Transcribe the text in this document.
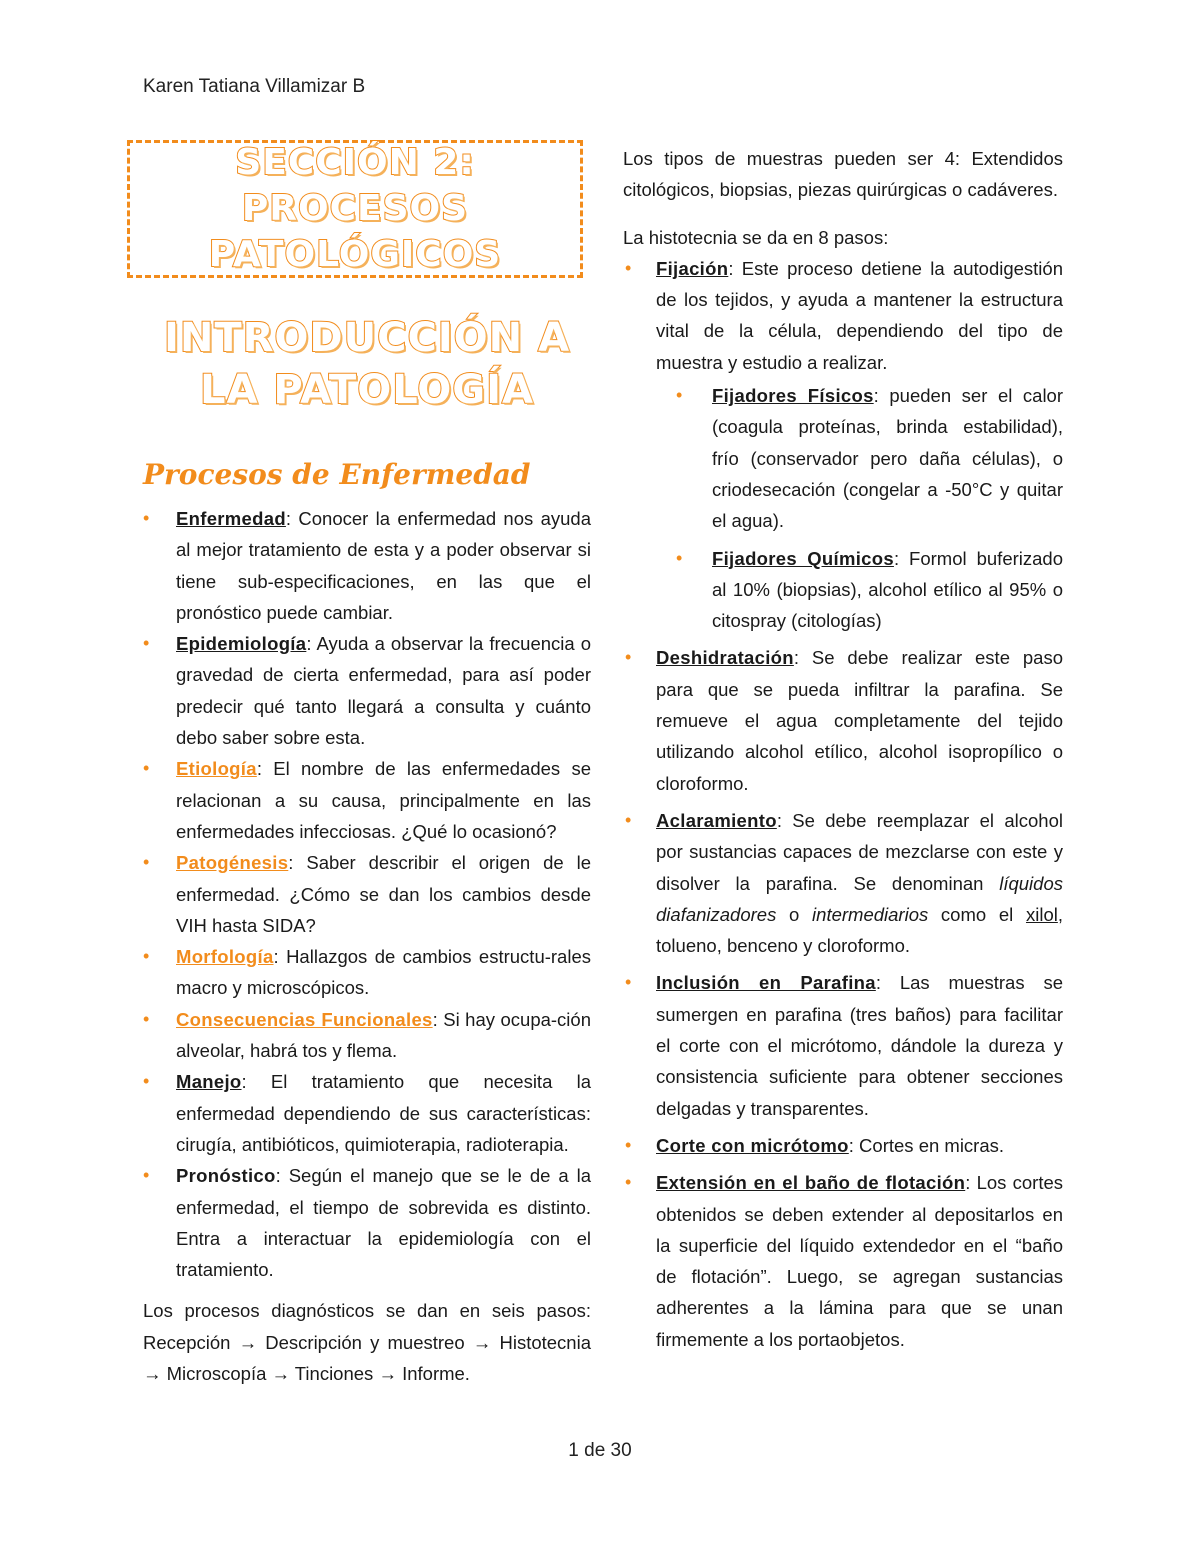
Karen Tatiana Villamizar B
SECCIÓN 2: PROCESOS PATOLÓGICOS
INTRODUCCIÓN A LA PATOLOGÍA
Procesos de Enfermedad
• Enfermedad: Conocer la enfermedad nos ayuda al mejor tratamiento de esta y a poder observar si tiene sub-especificaciones, en las que el pronóstico puede cambiar.
• Epidemiología: Ayuda a observar la frecuencia o gravedad de cierta enfermedad, para así poder predecir qué tanto llegará a consulta y cuánto debo saber sobre esta.
• Etiología: El nombre de las enfermedades se relacionan a su causa, principalmente en las enfermedades infecciosas. ¿Qué lo ocasionó?
• Patogénesis: Saber describir el origen de le enfermedad. ¿Cómo se dan los cambios desde VIH hasta SIDA?
• Morfología: Hallazgos de cambios estructu-rales macro y microscópicos.
• Consecuencias Funcionales: Si hay ocupa-ción alveolar, habrá tos y flema.
• Manejo: El tratamiento que necesita la enfermedad dependiendo de sus características: cirugía, antibióticos, quimioterapia, radioterapia.
• Pronóstico: Según el manejo que se le de a la enfermedad, el tiempo de sobrevida es distinto. Entra a interactuar la epidemiología con el tratamiento.
Los procesos diagnósticos se dan en seis pasos: Recepción → Descripción y muestreo → Histotecnia → Microscopía → Tinciones → Informe.
Los tipos de muestras pueden ser 4: Extendidos citológicos, biopsias, piezas quirúrgicas o cadáveres.
La histotecnia se da en 8 pasos:
• Fijación: Este proceso detiene la autodigestión de los tejidos, y ayuda a mantener la estructura vital de la célula, dependiendo del tipo de muestra y estudio a realizar.
• Fijadores Físicos: pueden ser el calor (coagula proteínas, brinda estabilidad), frío (conservador pero daña células), o criodesecación (congelar a -50°C y quitar el agua).
• Fijadores Químicos: Formol buferizado al 10% (biopsias), alcohol etílico al 95% o citospray (citologías)
• Deshidratación: Se debe realizar este paso para que se pueda infiltrar la parafina. Se remueve el agua completamente del tejido utilizando alcohol etílico, alcohol isopropílico o cloroformo.
• Aclaramiento: Se debe reemplazar el alcohol por sustancias capaces de mezclarse con este y disolver la parafina. Se denominan líquidos diafanizadores o intermediarios como el xilol, tolueno, benceno y cloroformo.
• Inclusión en Parafina: Las muestras se sumergen en parafina (tres baños) para facilitar el corte con el micrótomo, dándole la dureza y consistencia suficiente para obtener secciones delgadas y transparentes.
• Corte con micrótomo: Cortes en micras.
• Extensión en el baño de flotación: Los cortes obtenidos se deben extender al depositarlos en la superficie del líquido extendedor en el “baño de flotación”. Luego, se agregan sustancias adherentes a la lámina para que se unan firmemente a los portaobjetos.
1 de 30
